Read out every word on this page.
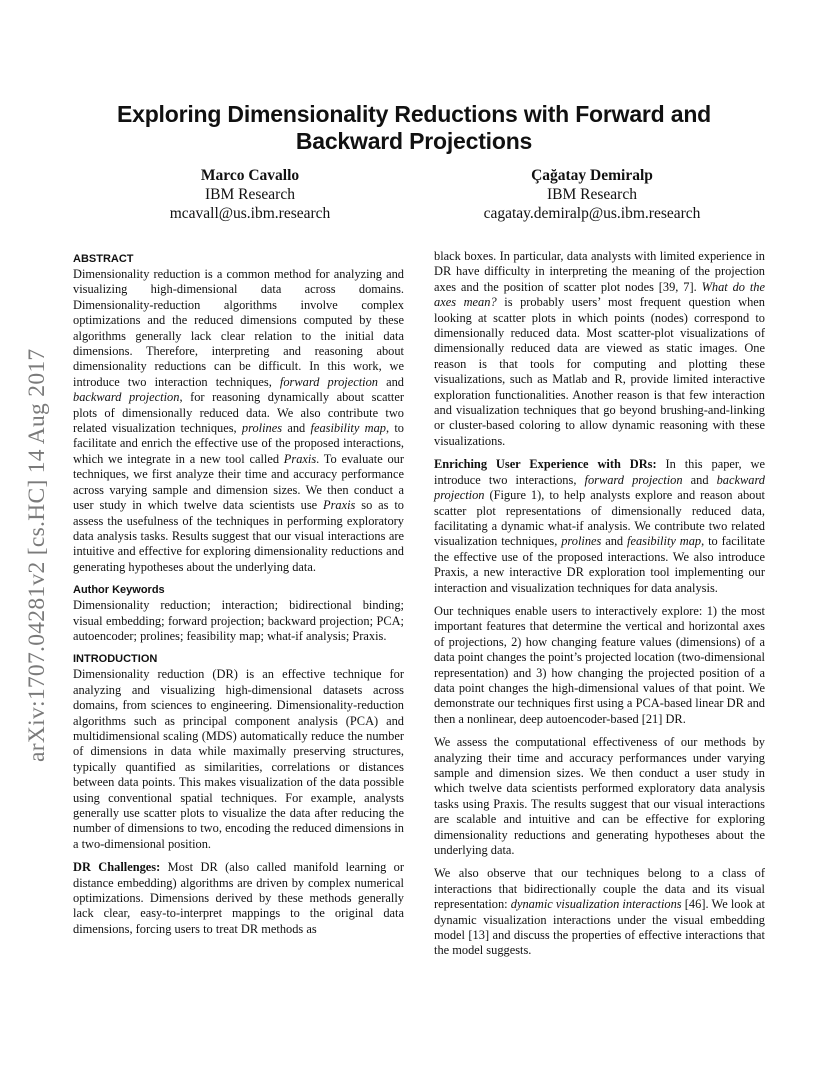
arXiv:1707.04281v2 [cs.HC] 14 Aug 2017
Exploring Dimensionality Reductions with Forward and Backward Projections
Marco Cavallo
IBM Research
mcavall@us.ibm.research
Çağatay Demiralp
IBM Research
cagatay.demiralp@us.ibm.research
ABSTRACT

Dimensionality reduction is a common method for analyzing and visualizing high-dimensional data across domains. Dimensionality-reduction algorithms involve complex optimizations and the reduced dimensions computed by these algorithms generally lack clear relation to the initial data dimensions. Therefore, interpreting and reasoning about dimensionality reductions can be difficult. In this work, we introduce two interaction techniques, forward projection and backward projection, for reasoning dynamically about scatter plots of dimensionally reduced data. We also contribute two related visualization techniques, prolines and feasibility map, to facilitate and enrich the effective use of the proposed interactions, which we integrate in a new tool called Praxis. To evaluate our techniques, we first analyze their time and accuracy performance across varying sample and dimension sizes. We then conduct a user study in which twelve data scientists use Praxis so as to assess the usefulness of the techniques in performing exploratory data analysis tasks. Results suggest that our visual interactions are intuitive and effective for exploring dimensionality reductions and generating hypotheses about the underlying data.

Author Keywords

Dimensionality reduction; interaction; bidirectional binding; visual embedding; forward projection; backward projection; PCA; autoencoder; prolines; feasibility map; what-if analysis; Praxis.

INTRODUCTION

Dimensionality reduction (DR) is an effective technique for analyzing and visualizing high-dimensional datasets across domains, from sciences to engineering. Dimensionality-reduction algorithms such as principal component analysis (PCA) and multidimensional scaling (MDS) automatically reduce the number of dimensions in data while maximally preserving structures, typically quantified as similarities, correlations or distances between data points. This makes visualization of the data possible using conventional spatial techniques. For example, analysts generally use scatter plots to visualize the data after reducing the number of dimensions to two, encoding the reduced dimensions in a two-dimensional position.

DR Challenges: Most DR (also called manifold learning or distance embedding) algorithms are driven by complex numerical optimizations. Dimensions derived by these methods generally lack clear, easy-to-interpret mappings to the original data dimensions, forcing users to treat DR methods as

black boxes. In particular, data analysts with limited experience in DR have difficulty in interpreting the meaning of the projection axes and the position of scatter plot nodes [39, 7]. What do the axes mean? is probably users’ most frequent question when looking at scatter plots in which points (nodes) correspond to dimensionally reduced data. Most scatter-plot visualizations of dimensionally reduced data are viewed as static images. One reason is that tools for computing and plotting these visualizations, such as Matlab and R, provide limited interactive exploration functionalities. Another reason is that few interaction and visualization techniques that go beyond brushing-and-linking or cluster-based coloring to allow dynamic reasoning with these visualizations.

Enriching User Experience with DRs: In this paper, we introduce two interactions, forward projection and backward projection (Figure 1), to help analysts explore and reason about scatter plot representations of dimensionally reduced data, facilitating a dynamic what-if analysis. We contribute two related visualization techniques, prolines and feasibility map, to facilitate the effective use of the proposed interactions. We also introduce Praxis, a new interactive DR exploration tool implementing our interaction and visualization techniques for data analysis.

Our techniques enable users to interactively explore: 1) the most important features that determine the vertical and horizontal axes of projections, 2) how changing feature values (dimensions) of a data point changes the point’s projected location (two-dimensional representation) and 3) how changing the projected position of a data point changes the high-dimensional values of that point. We demonstrate our techniques first using a PCA-based linear DR and then a nonlinear, deep autoencoder-based [21] DR.

We assess the computational effectiveness of our methods by analyzing their time and accuracy performances under varying sample and dimension sizes. We then conduct a user study in which twelve data scientists performed exploratory data analysis tasks using Praxis. The results suggest that our visual interactions are scalable and intuitive and can be effective for exploring dimensionality reductions and generating hypotheses about the underlying data.

We also observe that our techniques belong to a class of interactions that bidirectionally couple the data and its visual representation: dynamic visualization interactions [46]. We look at dynamic visualization interactions under the visual embedding model [13] and discuss the properties of effective interactions that the model suggests.
